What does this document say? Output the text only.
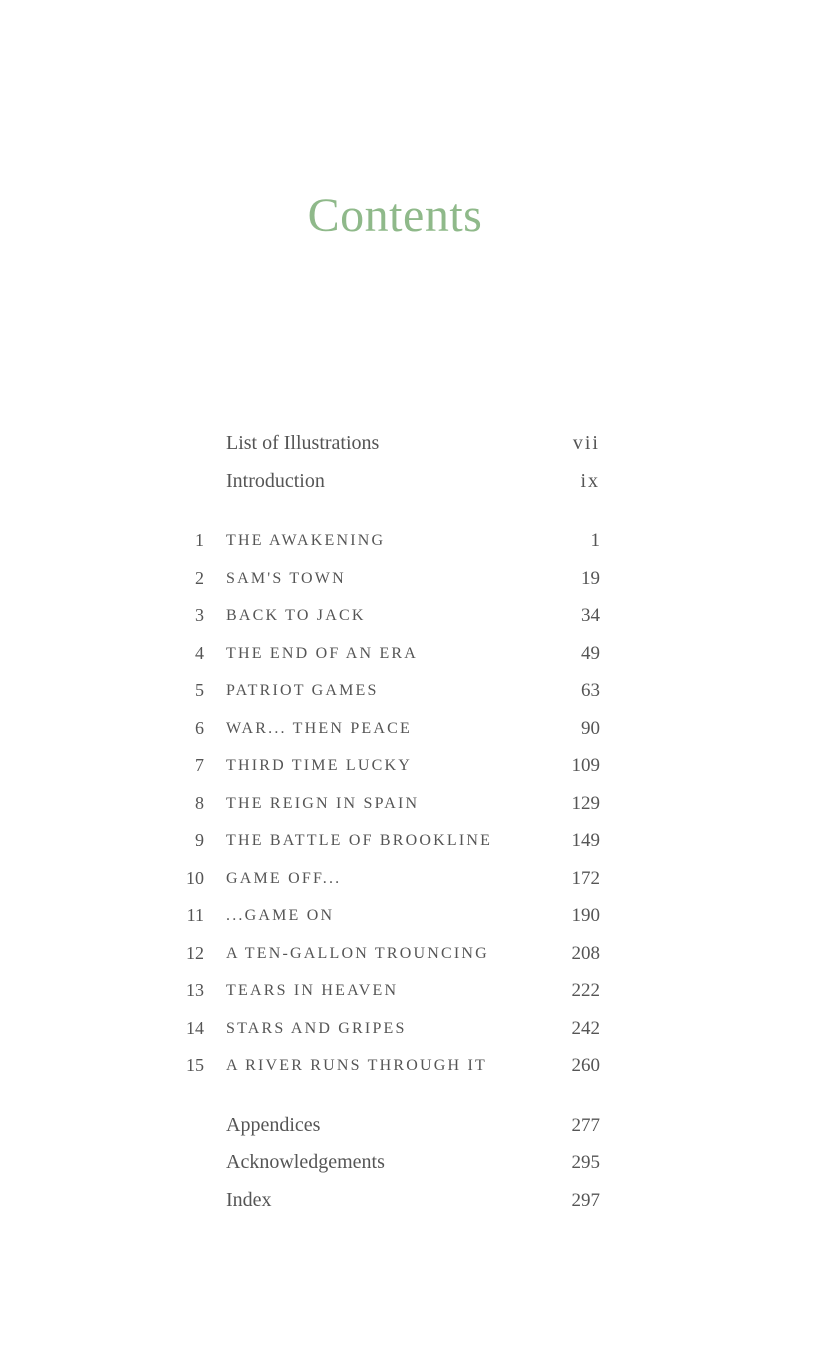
Contents
List of Illustrations	vii
Introduction	ix
1 THE AWAKENING	1
2 SAM'S TOWN	19
3 BACK TO JACK	34
4 THE END OF AN ERA	49
5 PATRIOT GAMES	63
6 WAR... THEN PEACE	90
7 THIRD TIME LUCKY	109
8 THE REIGN IN SPAIN	129
9 THE BATTLE OF BROOKLINE	149
10 GAME OFF...	172
11 ...GAME ON	190
12 A TEN-GALLON TROUNCING	208
13 TEARS IN HEAVEN	222
14 STARS AND GRIPES	242
15 A RIVER RUNS THROUGH IT	260
Appendices	277
Acknowledgements	295
Index	297
